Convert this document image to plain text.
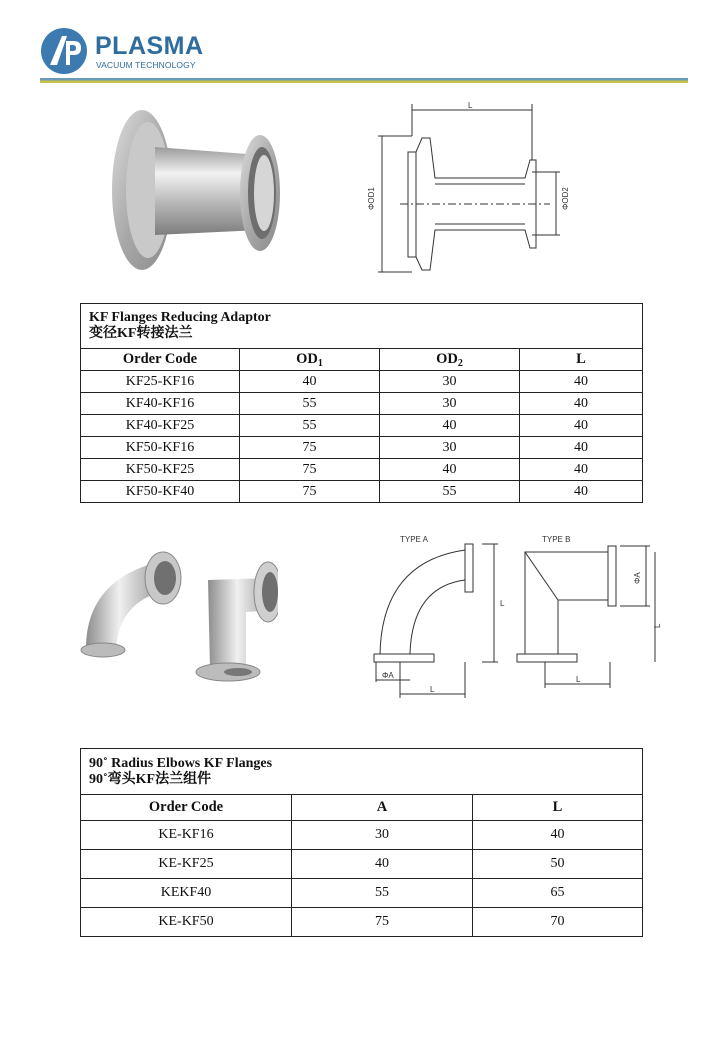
PLASMA
VACUUM TECHNOLOGY
L
ΦOD1	ΦOD2
KF Flanges Reducing Adaptor
变径KF转接法兰			

Order Code	$OD_1$	$OD_2$	L
KF25-KF16	40	30	40
KF40-KF16	55	30	40
KF40-KF25	55	40	40
KF50-KF16	75	30	40
KF50-KF25	75	40	40
KF50-KF40	75	55	40
TYPE A	TYPE B
ΦA
L
L
L
ΦA
L
90˚ Radius Elbows KF Flanges
90˚弯头KF法兰组件		

Order Code	A	L
KE-KF16	30	40
KE-KF25	40	50
KEKF40	55	65
KE-KF50	75	70
